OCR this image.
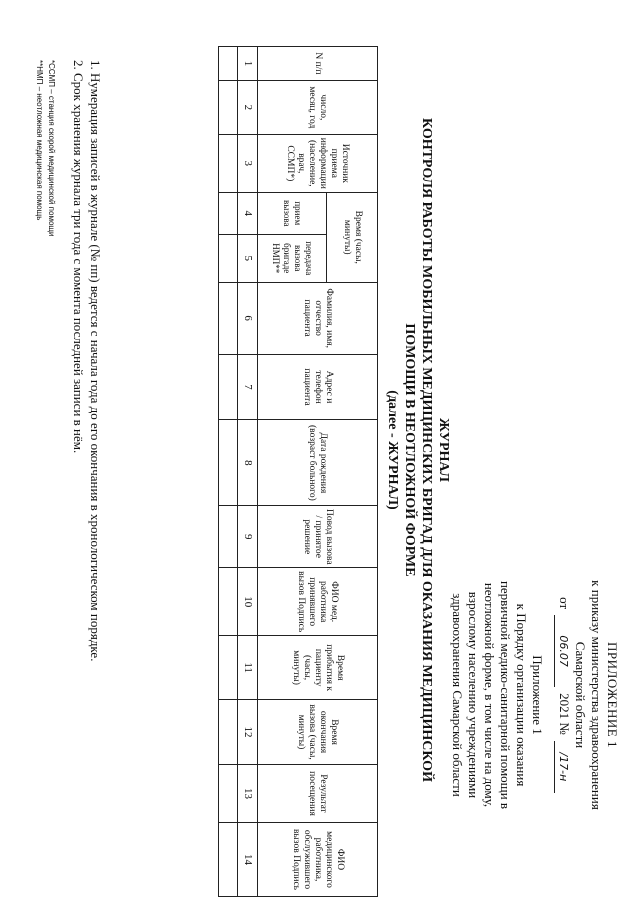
ПРИЛОЖЕНИЕ 1
к приказу министерства здравоохранения
Самарской области
от
06.07
2021 №
/17-н
Приложение 1
к Порядку организации оказания
первичной медико-санитарной помощи в
неотложной форме, в том числе на дому,
взрослому населению учреждениями
здравоохранения Самарской области
ЖУРНАЛ
КОНТРОЛЯ РАБОТЫ МОБИЛЬНЫХ МЕДИЦИНСКИХ БРИГАД ДЛЯ ОКАЗАНИЯ МЕДИЦИНСКОЙ
ПОМОЩИ В НЕОТЛОЖНОЙ ФОРМЕ
(далее - ЖУРНАЛ)
N п/п	число, месяц, год	Источник приема информации (население, врач, ССМП*)	Время (часы, минуты)		Фамилия, имя, отчество пациента	Адрес и телефон пациента	Дата рождения (возраст больного)	Повод вызова / принятое решение	ФИО мед. работника принявшего вызов Подпись	Время прибытия к пациенту (часы, минуты)	Время окончания вызова (часы, минуты)	Результат посещения	ФИО медицинского работника, обслужившего вызов Подпись
			прием вызова	передача вызова бригаде НМП**									
1	2	3	4	5	6	7	8	9	10	11	12	13	14

1. Нумерация записей в журнале (№ пп) ведется с начала года до его окончания в хронологическом порядке.
2. Срок хранения журнала три года с момента последней записи в нём.
*ССМП – станция скорой медицинской помощи
**НМП – неотложная медицинская помощь
